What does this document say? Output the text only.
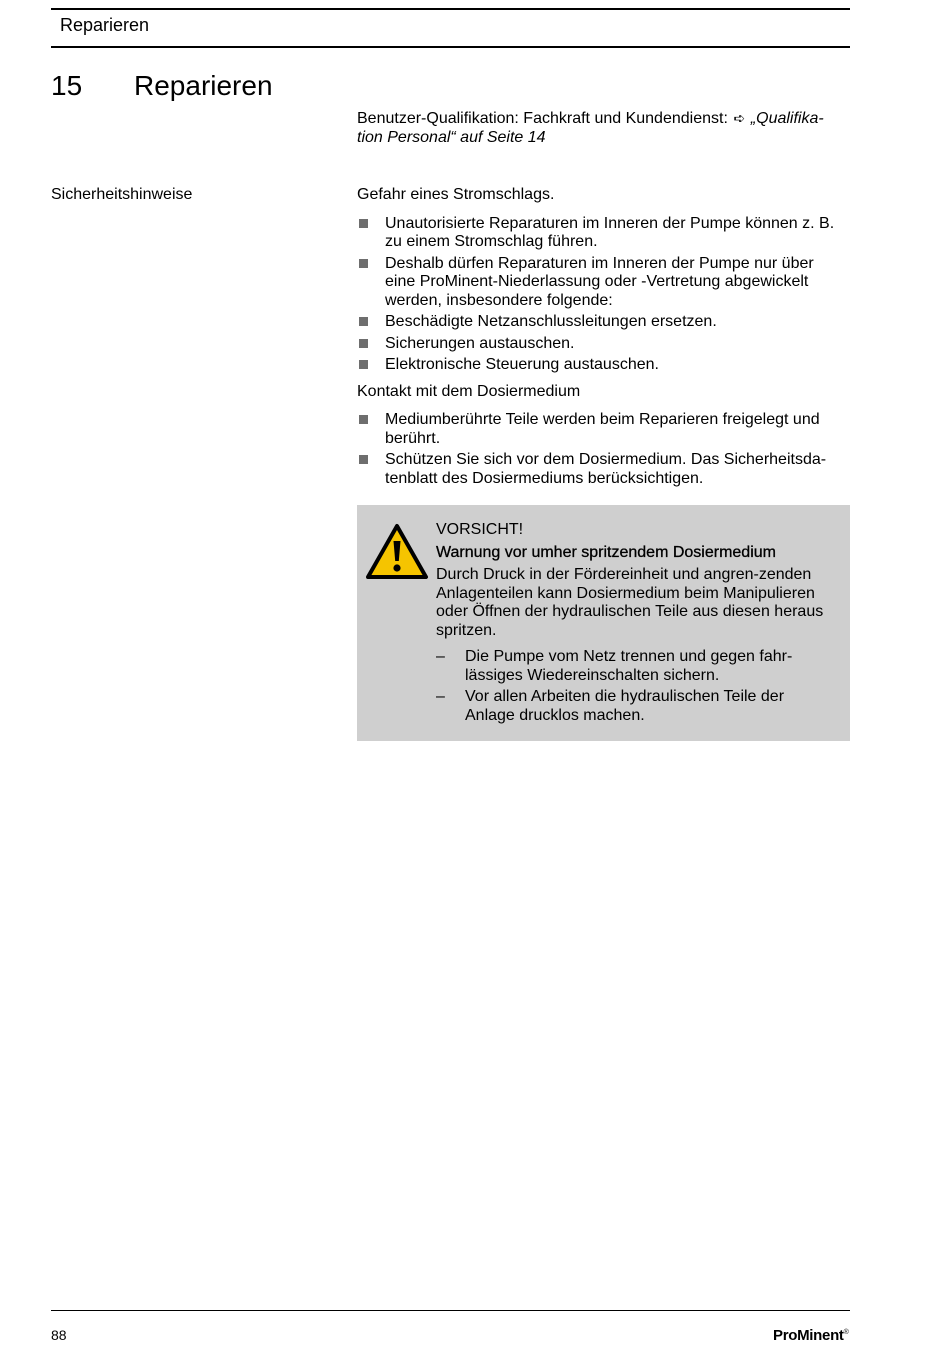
Reparieren
15 Reparieren
Benutzer-Qualifikation: Fachkraft und Kundendienst: ➪ „Qualifika-tion Personal“ auf Seite 14
Sicherheitshinweise	Gefahr eines Stromschlags.

Unautorisierte Reparaturen im Inneren der Pumpe können z. B. zu einem Stromschlag führen.
Deshalb dürfen Reparaturen im Inneren der Pumpe nur über eine ProMinent-Niederlassung oder -Vertretung abgewickelt werden, insbesondere folgende:
Beschädigte Netzanschlussleitungen ersetzen.
Sicherungen austauschen.
Elektronische Steuerung austauschen.

Kontakt mit dem Dosiermedium

Mediumberührte Teile werden beim Reparieren freigelegt und berührt.
Schützen Sie sich vor dem Dosiermedium. Das Sicherheitsda-tenblatt des Dosiermediums berücksichtigen.
VORSICHT!
Warnung vor umher spritzendem Dosiermedium
Durch Druck in der Fördereinheit und angren-zenden Anlagenteilen kann Dosiermedium beim Manipulieren oder Öffnen der hydraulischen Teile aus diesen heraus spritzen.
– Die Pumpe vom Netz trennen und gegen fahr-lässiges Wiedereinschalten sichern.
– Vor allen Arbeiten die hydraulischen Teile der Anlage drucklos machen.
88	ProMinent®
